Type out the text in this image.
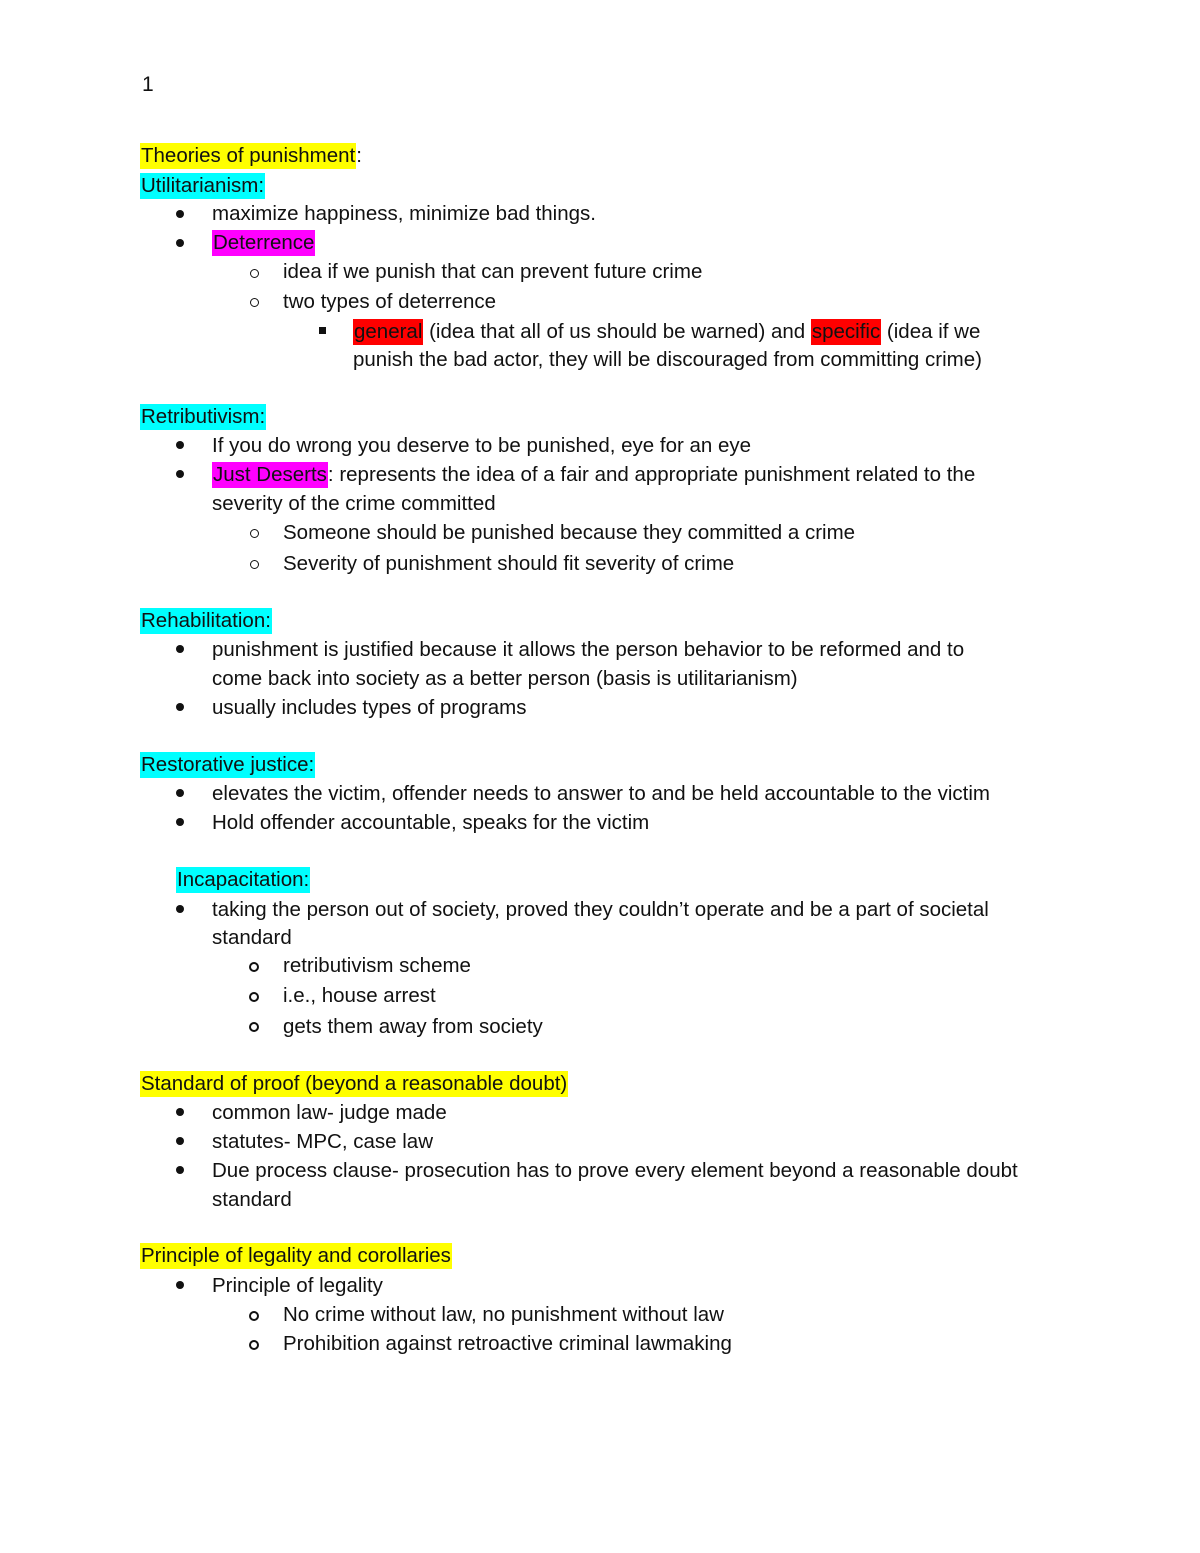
1
Theories of punishment:
Utilitarianism:
maximize happiness, minimize bad things.
Deterrence
idea if we punish that can prevent future crime
two types of deterrence
general (idea that all of us should be warned) and specific (idea if we
punish the bad actor, they will be discouraged from committing crime)
Retributivism:
If you do wrong you deserve to be punished, eye for an eye
Just Deserts: represents the idea of a fair and appropriate punishment related to the
severity of the crime committed
Someone should be punished because they committed a crime
Severity of punishment should fit severity of crime
Rehabilitation:
punishment is justified because it allows the person behavior to be reformed and to
come back into society as a better person (basis is utilitarianism)
usually includes types of programs
Restorative justice:
elevates the victim, offender needs to answer to and be held accountable to the victim
Hold offender accountable, speaks for the victim
Incapacitation:
taking the person out of society, proved they couldn’t operate and be a part of societal
standard
retributivism scheme
i.e., house arrest
gets them away from society
Standard of proof (beyond a reasonable doubt)
common law- judge made
statutes- MPC, case law
Due process clause- prosecution has to prove every element beyond a reasonable doubt
standard
Principle of legality and corollaries
Principle of legality
No crime without law, no punishment without law
Prohibition against retroactive criminal lawmaking
